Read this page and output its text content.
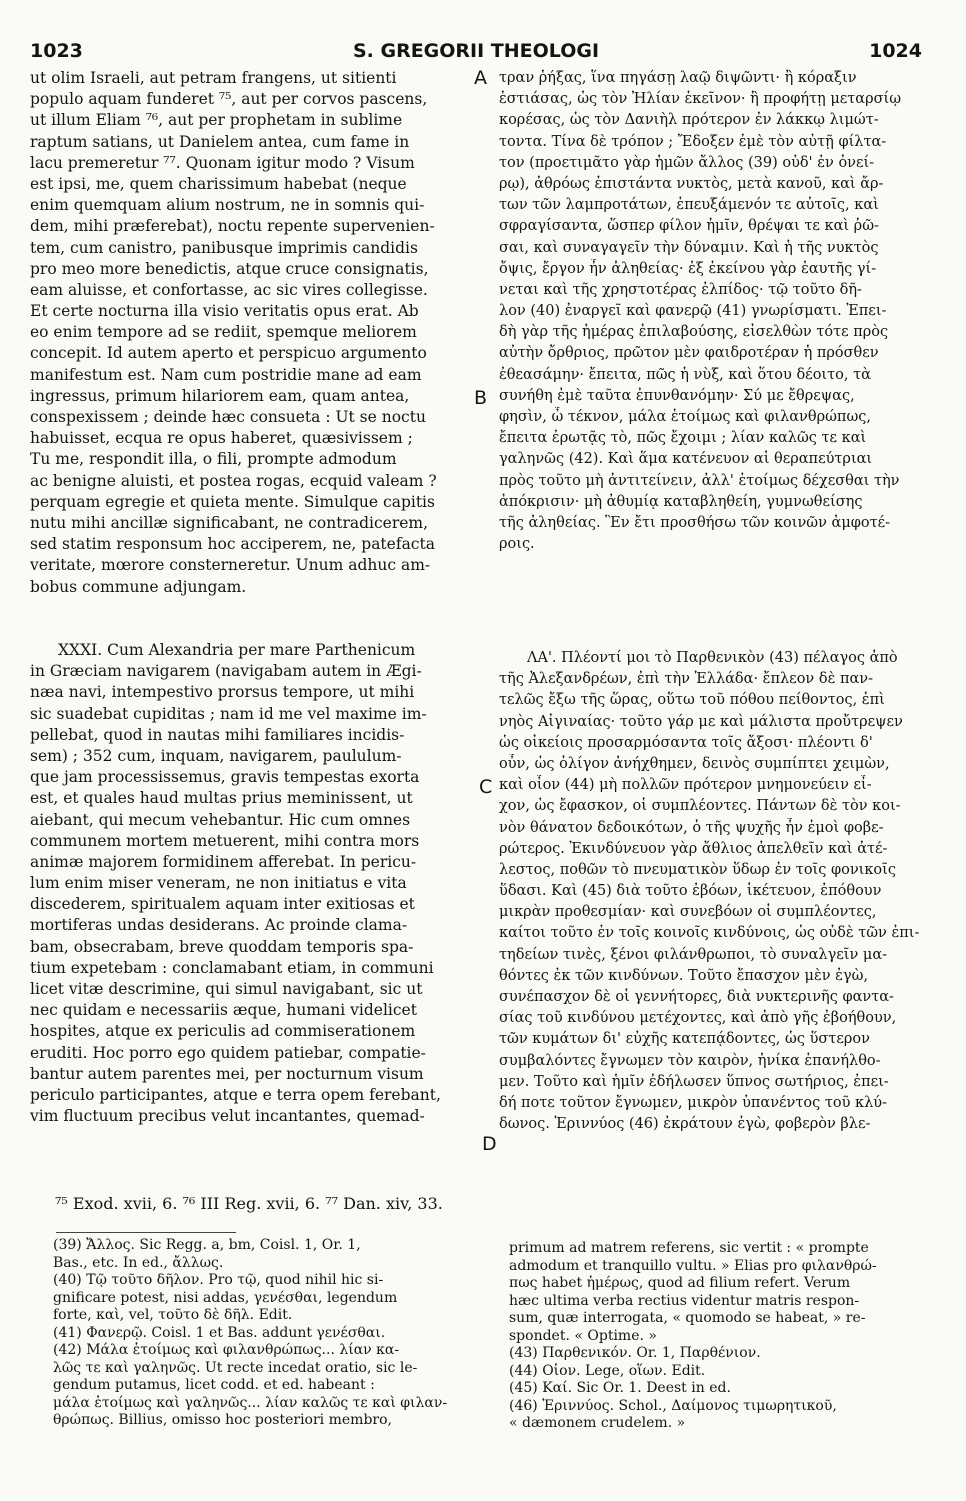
1023	S. GREGORII THEOLOGI	1024
ut olim Israeli, aut petram frangens, ut sitienti
populo aquam funderet ⁷⁵, aut per corvos pascens,
ut illum Eliam ⁷⁶, aut per prophetam in sublime
raptum satians, ut Danielem antea, cum fame in
lacu premeretur ⁷⁷. Quonam igitur modo ? Visum
est ipsi, me, quem charissimum habebat (neque
enim quemquam alium nostrum, ne in somnis qui-
dem, mihi præferebat), noctu repente supervenien-
tem, cum canistro, panibusque imprimis candidis
pro meo more benedictis, atque cruce consignatis,
eam aluisse, et confortasse, ac sic vires collegisse.
Et certe nocturna illa visio veritatis opus erat. Ab
eo enim tempore ad se rediit, spemque meliorem
concepit. Id autem aperto et perspicuo argumento
manifestum est. Nam cum postridie mane ad eam
ingressus, primum hilariorem eam, quam antea,
conspexissem ; deinde hæc consueta : Ut se noctu
habuisset, ecqua re opus haberet, quæsivissem ;
Tu me, respondit illa, o fili, prompte admodum
ac benigne aluisti, et postea rogas, ecquid valeam ?
perquam egregie et quieta mente. Simulque capitis
nutu mihi ancillæ significabant, ne contradicerem,
sed statim responsum hoc acciperem, ne, patefacta
veritate, mœrore consterneretur. Unum adhuc am-
bobus commune adjungam.
XXXI. Cum Alexandria per mare Parthenicum
in Græciam navigarem (navigabam autem in Ægi-
næa navi, intempestivo prorsus tempore, ut mihi
sic suadebat cupiditas ; nam id me vel maxime im-
pellebat, quod in nautas mihi familiares incidis-
sem) ; 352 cum, inquam, navigarem, paululum-
que jam processissemus, gravis tempestas exorta
est, et quales haud multas prius meminissent, ut
aiebant, qui mecum vehebantur. Hic cum omnes
communem mortem metuerent, mihi contra mors
animæ majorem formidinem afferebat. In pericu-
lum enim miser veneram, ne non initiatus e vita
discederem, spiritualem aquam inter exitiosas et
mortiferas undas desiderans. Ac proinde clama-
bam, obsecrabam, breve quoddam temporis spa-
tium expetebam : conclamabant etiam, in communi
licet vitæ descrimine, qui simul navigabant, sic ut
nec quidam e necessariis æque, humani videlicet
hospites, atque ex periculis ad commiserationem
eruditi. Hoc porro ego quidem patiebar, compatie-
bantur autem parentes mei, per nocturnum visum
periculo participantes, atque e terra opem ferebant,
vim fluctuum precibus velut incantantes, quemad-
τραν ῥήξας, ἵνα πηγάσῃ λαῷ διψῶντι· ἢ κόραξιν
ἑστιάσας, ὡς τὸν Ἠλίαν ἐκεῖνον· ἢ προφήτῃ μεταρσίῳ
κορέσας, ὡς τὸν Δανιὴλ πρότερον ἐν λάκκῳ λιμώτ-
τοντα. Τίνα δὲ τρόπον ; Ἔδοξεν ἐμὲ τὸν αὐτῇ φίλτα-
τον (προετιμᾶτο γὰρ ἡμῶν ἄλλος (39) οὐδ' ἐν ὀνεί-
ρῳ), ἀθρόως ἐπιστάντα νυκτὸς, μετὰ κανοῦ, καὶ ἄρ-
των τῶν λαμπροτάτων, ἐπευξάμενόν τε αὐτοῖς, καὶ
σφραγίσαντα, ὥσπερ φίλον ἡμῖν, θρέψαι τε καὶ ῥῶ-
σαι, καὶ συναγαγεῖν τὴν δύναμιν. Καὶ ἡ τῆς νυκτὸς
ὄψις, ἔργον ἦν ἀληθείας· ἐξ ἐκείνου γὰρ ἑαυτῆς γί-
νεται καὶ τῆς χρηστοτέρας ἐλπίδος· τῷ τοῦτο δῆ-
λον (40) ἐναργεῖ καὶ φανερῷ (41) γνωρίσματι. Ἐπει-
δὴ γὰρ τῆς ἡμέρας ἐπιλαβούσης, εἰσελθὼν τότε πρὸς
αὐτὴν ὄρθριος, πρῶτον μὲν φαιδροτέραν ἡ πρόσθεν
ἐθεασάμην· ἔπειτα, πῶς ἡ νὺξ, καὶ ὅτου δέοιτο, τὰ
συνήθη ἐμὲ ταῦτα ἐπυνθανόμην· Σύ με ἔθρεψας,
φησὶν, ὦ τέκνον, μάλα ἑτοίμως καὶ φιλανθρώπως,
ἔπειτα ἐρωτᾷς τὸ, πῶς ἔχοιμι ; λίαν καλῶς τε καὶ
γαληνῶς (42). Καὶ ἅμα κατένευον αἱ θεραπεύτριαι
πρὸς τοῦτο μὴ ἀντιτείνειν, ἀλλ' ἑτοίμως δέχεσθαι τὴν
ἀπόκρισιν· μὴ ἀθυμίᾳ καταβληθείη, γυμνωθείσης
τῆς ἀληθείας. Ἓν ἔτι προσθήσω τῶν κοινῶν ἀμφοτέ-
ροις.
ΛΑ'. Πλέοντί μοι τὸ Παρθενικὸν (43) πέλαγος ἀπὸ
τῆς Ἀλεξανδρέων, ἐπὶ τὴν Ἑλλάδα· ἔπλεον δὲ παν-
τελῶς ἔξω τῆς ὥρας, οὕτω τοῦ πόθου πείθοντος, ἐπὶ
νηὸς Αἰγιναίας· τοῦτο γάρ με καὶ μάλιστα προὔτρεψεν
ὡς οἰκείοις προσαρμόσαντα τοῖς ἄξοσι· πλέοντι δ'
οὖν, ὡς ὀλίγον ἀνήχθημεν, δεινὸς συμπίπτει χειμὼν,
καὶ οἷον (44) μὴ πολλῶν πρότερον μνημονεύειν εἶ-
χον, ὡς ἔφασκον, οἱ συμπλέοντες. Πάντων δὲ τὸν κοι-
νὸν θάνατον δεδοικότων, ὁ τῆς ψυχῆς ἦν ἐμοὶ φοβε-
ρώτερος. Ἐκινδύνευον γὰρ ἄθλιος ἀπελθεῖν καὶ ἀτέ-
λεστος, ποθῶν τὸ πνευματικὸν ὕδωρ ἐν τοῖς φονικοῖς
ὕδασι. Καὶ (45) διὰ τοῦτο ἐβόων, ἱκέτευον, ἐπόθουν
μικρὰν προθεσμίαν· καὶ συνεβόων οἱ συμπλέοντες,
καίτοι τοῦτο ἐν τοῖς κοινοῖς κινδύνοις, ὡς οὐδὲ τῶν ἐπι-
τηδείων τινὲς, ξένοι φιλάνθρωποι, τὸ συναλγεῖν μα-
θόντες ἐκ τῶν κινδύνων. Τοῦτο ἔπασχον μὲν ἐγὼ,
συνέπασχον δὲ οἱ γεννήτορες, διὰ νυκτερινῆς φαντα-
σίας τοῦ κινδύνου μετέχοντες, καὶ ἀπὸ γῆς ἐβοήθουν,
τῶν κυμάτων δι' εὐχῆς κατεπᾴδοντες, ὡς ὕστερον
συμβαλόντες ἔγνωμεν τὸν καιρὸν, ἡνίκα ἐπανήλθο-
μεν. Τοῦτο καὶ ἡμῖν ἐδήλωσεν ὕπνος σωτήριος, ἐπει-
δή ποτε τοῦτον ἔγνωμεν, μικρὸν ὑπανέντος τοῦ κλύ-
δωνος. Ἐριννύος (46) ἐκράτουν ἐγὼ, φοβερὸν βλε-
A
B
C
D
⁷⁵ Exod. xvii, 6. ⁷⁶ III Reg. xvii, 6. ⁷⁷ Dan. xiv, 33.
(39) Ἄλλος. Sic Regg. a, bm, Coisl. 1, Or. 1,
Bas., etc. In ed., ἄλλως.
(40) Τῷ τοῦτο δῆλον. Pro τῷ, quod nihil hic si-
gnificare potest, nisi addas, γενέσθαι, legendum
forte, καὶ, vel, τοῦτο δὲ δῆλ. Edit.
(41) Φανερῷ. Coisl. 1 et Bas. addunt γενέσθαι.
(42) Μάλα ἑτοίμως καὶ φιλανθρώπως... λίαν κα-
λῶς τε καὶ γαληνῶς. Ut recte incedat oratio, sic le-
gendum putamus, licet codd. et ed. habeant :
μάλα ἑτοίμως καὶ γαληνῶς... λίαν καλῶς τε καὶ φιλαν-
θρώπως. Billius, omisso hoc posteriori membro,
primum ad matrem referens, sic vertit : « prompte
admodum et tranquillo vultu. » Elias pro φιλανθρώ-
πως habet ἡμέρως, quod ad filium refert. Verum
hæc ultima verba rectius videntur matris respon-
sum, quæ interrogata, « quomodo se habeat, » re-
spondet. « Optime. »
(43) Παρθενικόν. Or. 1, Παρθένιον.
(44) Οἷον. Lege, οἵων. Edit.
(45) Καί. Sic Or. 1. Deest in ed.
(46) Ἐριννύος. Schol., Δαίμονος τιμωρητικοῦ,
« dæmonem crudelem. »
